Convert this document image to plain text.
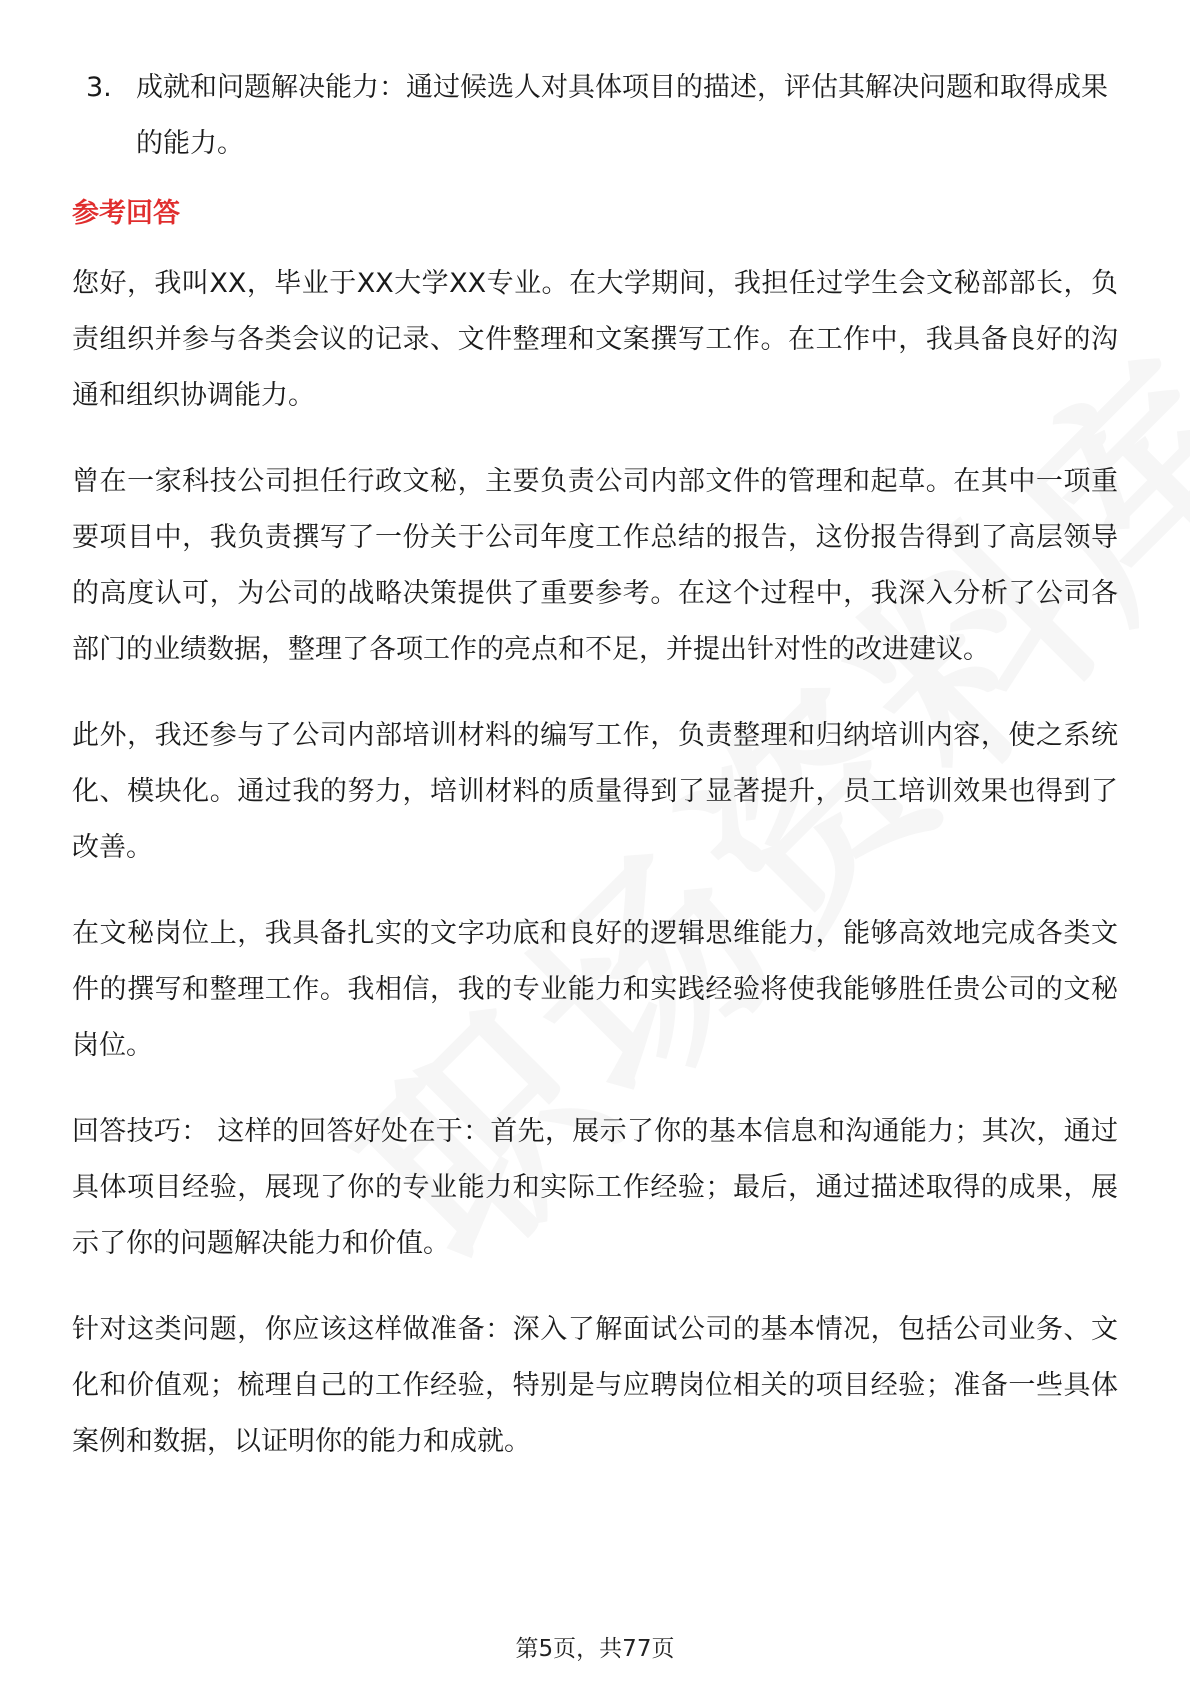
3. 成就和问题解决能力：通过候选人对具体项目的描述，评估其解决问题和取得成果的能力。
参考回答

您好，我叫XX，毕业于XX大学XX专业。在大学期间，我担任过学生会文秘部部长，负责组织并参与各类会议的记录、文件整理和文案撰写工作。在工作中，我具备良好的沟通和组织协调能力。

曾在一家科技公司担任行政文秘，主要负责公司内部文件的管理和起草。在其中一项重要项目中，我负责撰写了一份关于公司年度工作总结的报告，这份报告得到了高层领导的高度认可，为公司的战略决策提供了重要参考。在这个过程中，我深入分析了公司各部门的业绩数据，整理了各项工作的亮点和不足，并提出针对性的改进建议。

此外，我还参与了公司内部培训材料的编写工作，负责整理和归纳培训内容，使之系统化、模块化。通过我的努力，培训材料的质量得到了显著提升，员工培训效果也得到了改善。

在文秘岗位上，我具备扎实的文字功底和良好的逻辑思维能力，能够高效地完成各类文件的撰写和整理工作。我相信，我的专业能力和实践经验将使我能够胜任贵公司的文秘岗位。

回答技巧： 这样的回答好处在于：首先，展示了你的基本信息和沟通能力；其次，通过具体项目经验，展现了你的专业能力和实际工作经验；最后，通过描述取得的成果，展示了你的问题解决能力和价值。

针对这类问题，你应该这样做准备：深入了解面试公司的基本情况，包括公司业务、文化和价值观；梳理自己的工作经验，特别是与应聘岗位相关的项目经验；准备一些具体案例和数据，以证明你的能力和成就。

第5页，共77页
